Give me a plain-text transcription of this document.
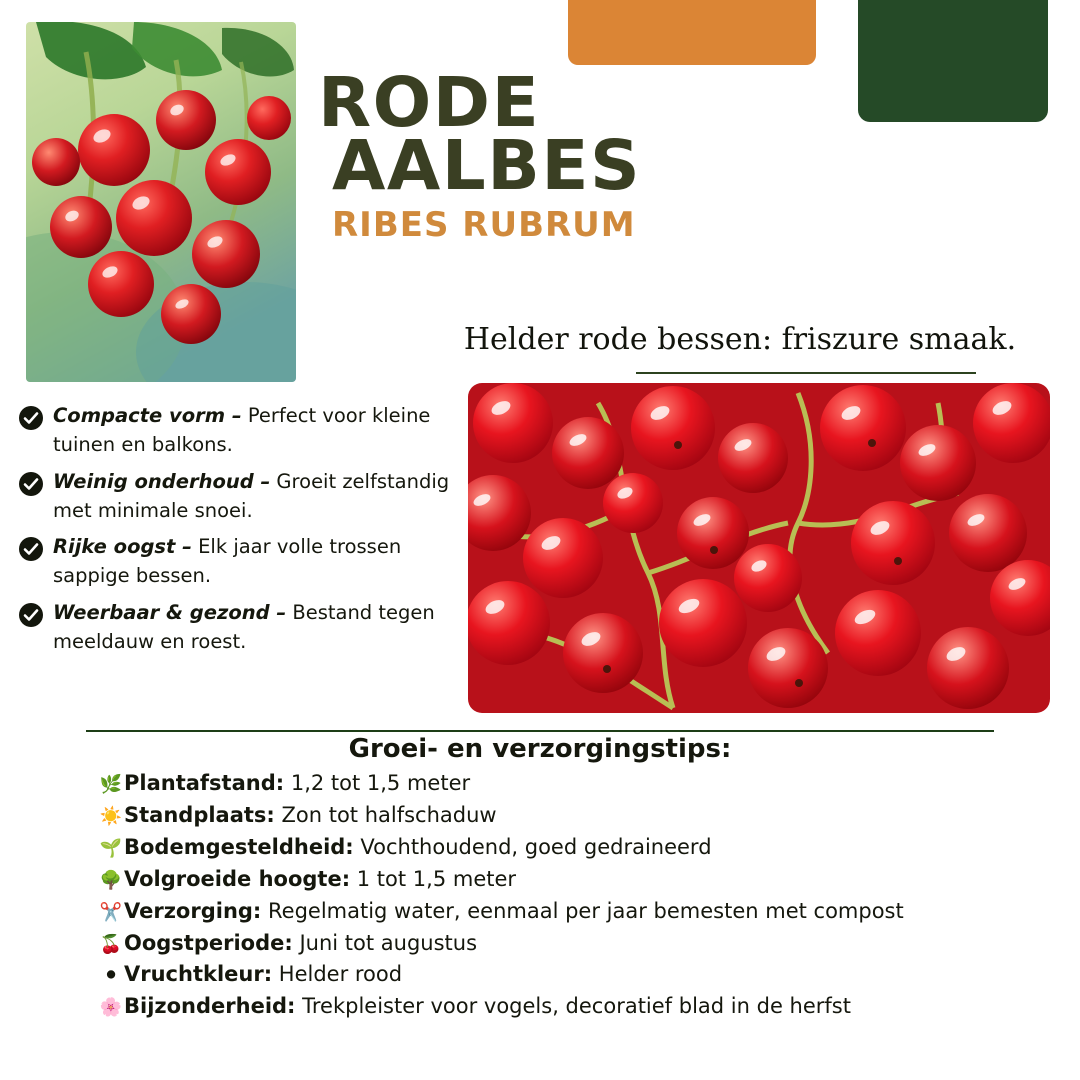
RODE
AALBES
RIBES RUBRUM
Helder rode bessen: friszure smaak.
Compacte vorm – Perfect voor kleine tuinen en balkons.
Weinig onderhoud – Groeit zelfstandig met minimale snoei.
Rijke oogst – Elk jaar volle trossen sappige bessen.
Weerbaar & gezond – Bestand tegen meeldauw en roest.
Groei- en verzorgingstips:
🌿Plantafstand: 1,2 tot 1,5 meter
☀️Standplaats: Zon tot halfschaduw
🌱Bodemgesteldheid: Vochthoudend, goed gedraineerd
🌳Volgroeide hoogte: 1 tot 1,5 meter
✂️Verzorging: Regelmatig water, eenmaal per jaar bemesten met compost
🍒Oogstperiode: Juni tot augustus
⚫ Vruchtkleur: Helder rood
🌸Bijzonderheid: Trekpleister voor vogels, decoratief blad in de herfst
